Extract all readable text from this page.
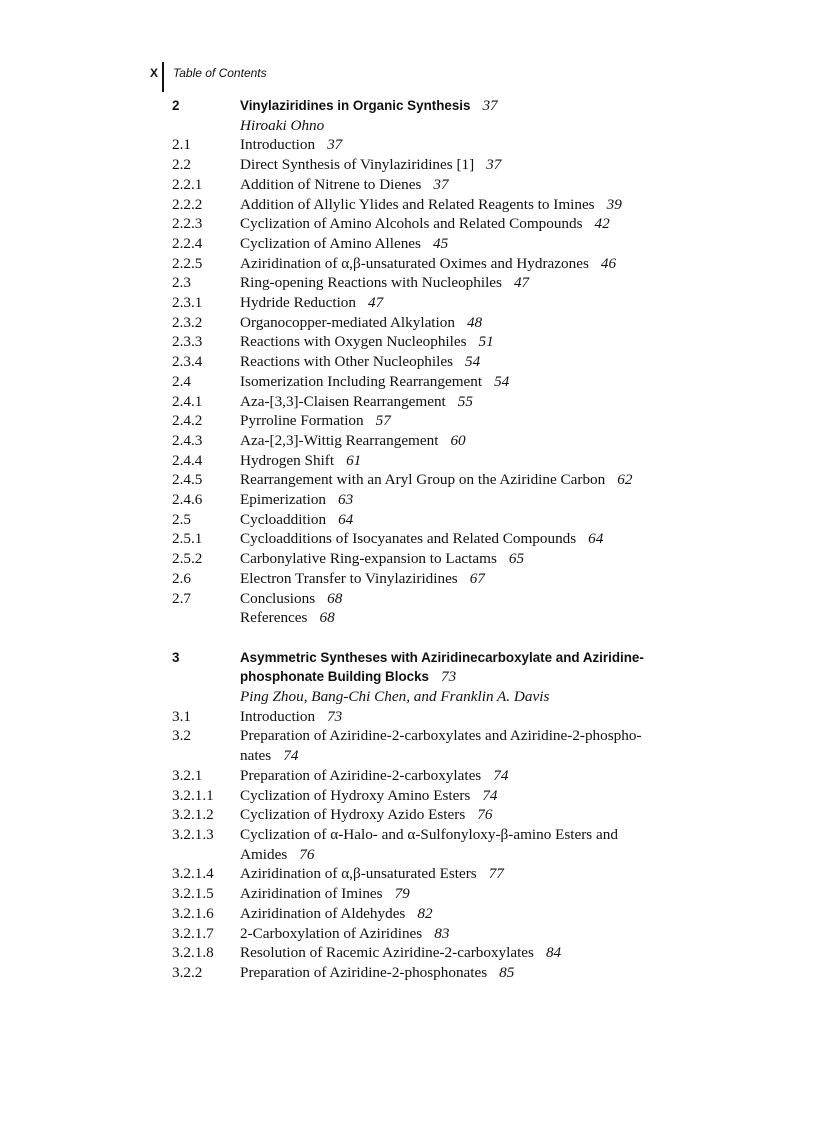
X Table of Contents
2	Vinylaziridines in Organic Synthesis 37
Hiroaki Ohno
2.1	Introduction 37
2.2	Direct Synthesis of Vinylaziridines [1] 37
2.2.1	Addition of Nitrene to Dienes 37
2.2.2	Addition of Allylic Ylides and Related Reagents to Imines 39
2.2.3	Cyclization of Amino Alcohols and Related Compounds 42
2.2.4	Cyclization of Amino Allenes 45
2.2.5	Aziridination of α,β-unsaturated Oximes and Hydrazones 46
2.3	Ring-opening Reactions with Nucleophiles 47
2.3.1	Hydride Reduction 47
2.3.2	Organocopper-mediated Alkylation 48
2.3.3	Reactions with Oxygen Nucleophiles 51
2.3.4	Reactions with Other Nucleophiles 54
2.4	Isomerization Including Rearrangement 54
2.4.1	Aza-[3,3]-Claisen Rearrangement 55
2.4.2	Pyrroline Formation 57
2.4.3	Aza-[2,3]-Wittig Rearrangement 60
2.4.4	Hydrogen Shift 61
2.4.5	Rearrangement with an Aryl Group on the Aziridine Carbon 62
2.4.6	Epimerization 63
2.5	Cycloaddition 64
2.5.1	Cycloadditions of Isocyanates and Related Compounds 64
2.5.2	Carbonylative Ring-expansion to Lactams 65
2.6	Electron Transfer to Vinylaziridines 67
2.7	Conclusions 68
References 68
3	Asymmetric Syntheses with Aziridinecarboxylate and Aziridine-
phosphonate Building Blocks 73
Ping Zhou, Bang-Chi Chen, and Franklin A. Davis
3.1	Introduction 73
3.2	Preparation of Aziridine-2-carboxylates and Aziridine-2-phospho-
nates 74
3.2.1	Preparation of Aziridine-2-carboxylates 74
3.2.1.1	Cyclization of Hydroxy Amino Esters 74
3.2.1.2	Cyclization of Hydroxy Azido Esters 76
3.2.1.3	Cyclization of α-Halo- and α-Sulfonyloxy-β-amino Esters and
Amides 76
3.2.1.4	Aziridination of α,β-unsaturated Esters 77
3.2.1.5	Aziridination of Imines 79
3.2.1.6	Aziridination of Aldehydes 82
3.2.1.7	2-Carboxylation of Aziridines 83
3.2.1.8	Resolution of Racemic Aziridine-2-carboxylates 84
3.2.2	Preparation of Aziridine-2-phosphonates 85
